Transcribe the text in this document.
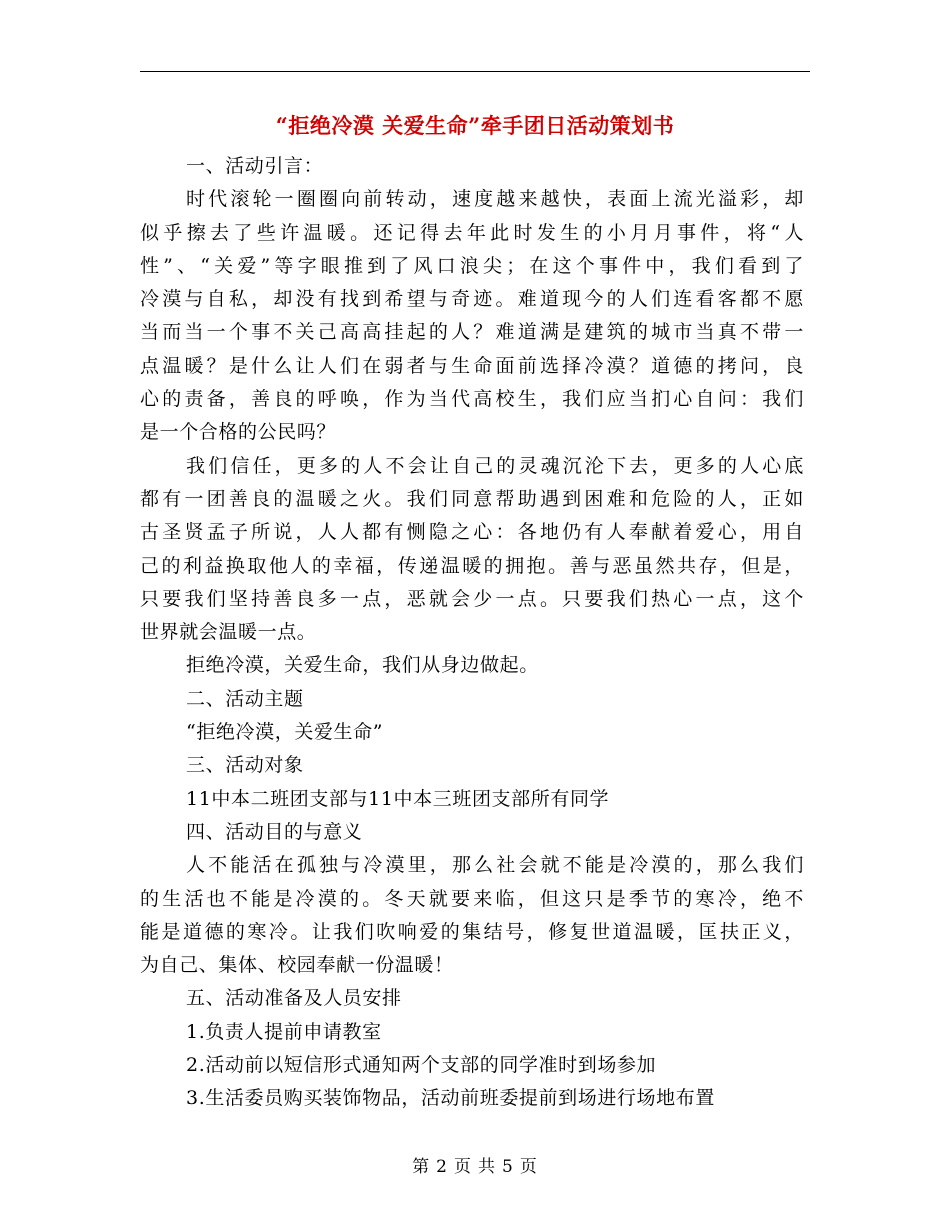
“拒绝冷漠 关爱生命”牵手团日活动策划书
一、活动引言：
时代滚轮一圈圈向前转动，速度越来越快，表面上流光溢彩，却
似乎擦去了些许温暖。还记得去年此时发生的小月月事件，将“人
性”、“关爱”等字眼推到了风口浪尖；在这个事件中，我们看到了
冷漠与自私，却没有找到希望与奇迹。难道现今的人们连看客都不愿
当而当一个事不关己高高挂起的人？难道满是建筑的城市当真不带一
点温暖？是什么让人们在弱者与生命面前选择冷漠？道德的拷问，良
心的责备，善良的呼唤，作为当代高校生，我们应当扪心自问：我们
是一个合格的公民吗？
我们信任，更多的人不会让自己的灵魂沉沦下去，更多的人心底
都有一团善良的温暖之火。我们同意帮助遇到困难和危险的人，正如
古圣贤孟子所说，人人都有恻隐之心：各地仍有人奉献着爱心，用自
己的利益换取他人的幸福，传递温暖的拥抱。善与恶虽然共存，但是，
只要我们坚持善良多一点，恶就会少一点。只要我们热心一点，这个
世界就会温暖一点。
拒绝冷漠，关爱生命，我们从身边做起。
二、活动主题
“拒绝冷漠，关爱生命”
三、活动对象
11中本二班团支部与11中本三班团支部所有同学
四、活动目的与意义
人不能活在孤独与冷漠里，那么社会就不能是冷漠的，那么我们
的生活也不能是冷漠的。冬天就要来临，但这只是季节的寒冷，绝不
能是道德的寒冷。让我们吹响爱的集结号，修复世道温暖，匡扶正义，
为自己、集体、校园奉献一份温暖！
五、活动准备及人员安排
1.负责人提前申请教室
2.活动前以短信形式通知两个支部的同学准时到场参加
3.生活委员购买装饰物品，活动前班委提前到场进行场地布置
第 2 页 共 5 页
